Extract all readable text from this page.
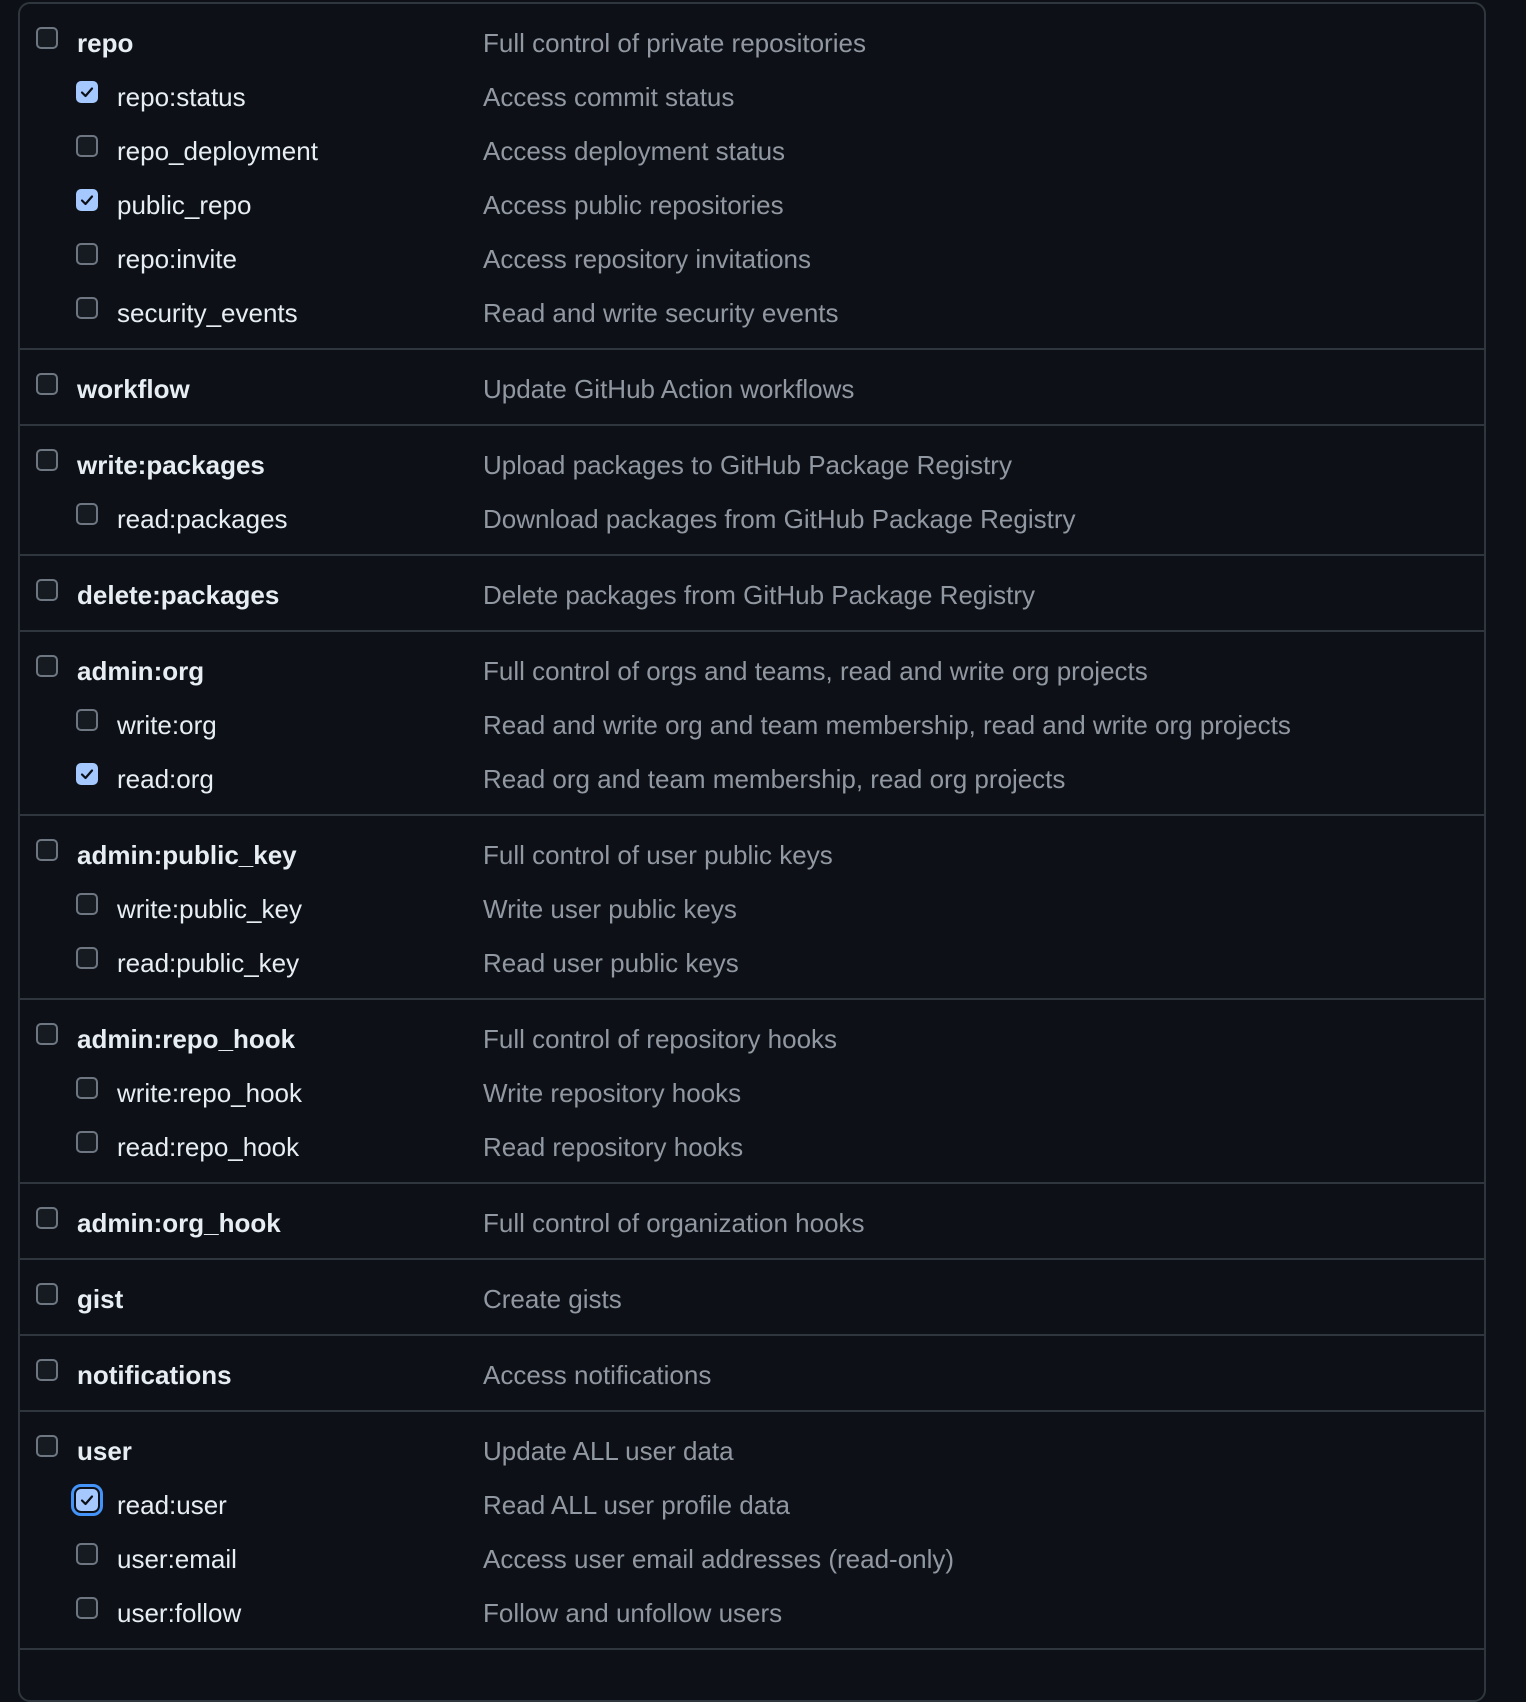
repo	Full control of private repositories
repo:status	Access commit status
repo_deployment	Access deployment status
public_repo	Access public repositories
repo:invite	Access repository invitations
security_events	Read and write security events
workflow	Update GitHub Action workflows
write:packages	Upload packages to GitHub Package Registry
read:packages	Download packages from GitHub Package Registry
delete:packages	Delete packages from GitHub Package Registry
admin:org	Full control of orgs and teams, read and write org projects
write:org	Read and write org and team membership, read and write org projects
read:org	Read org and team membership, read org projects
admin:public_key	Full control of user public keys
write:public_key	Write user public keys
read:public_key	Read user public keys
admin:repo_hook	Full control of repository hooks
write:repo_hook	Write repository hooks
read:repo_hook	Read repository hooks
admin:org_hook	Full control of organization hooks
gist	Create gists
notifications	Access notifications
user	Update ALL user data
read:user	Read ALL user profile data
user:email	Access user email addresses (read-only)
user:follow	Follow and unfollow users
